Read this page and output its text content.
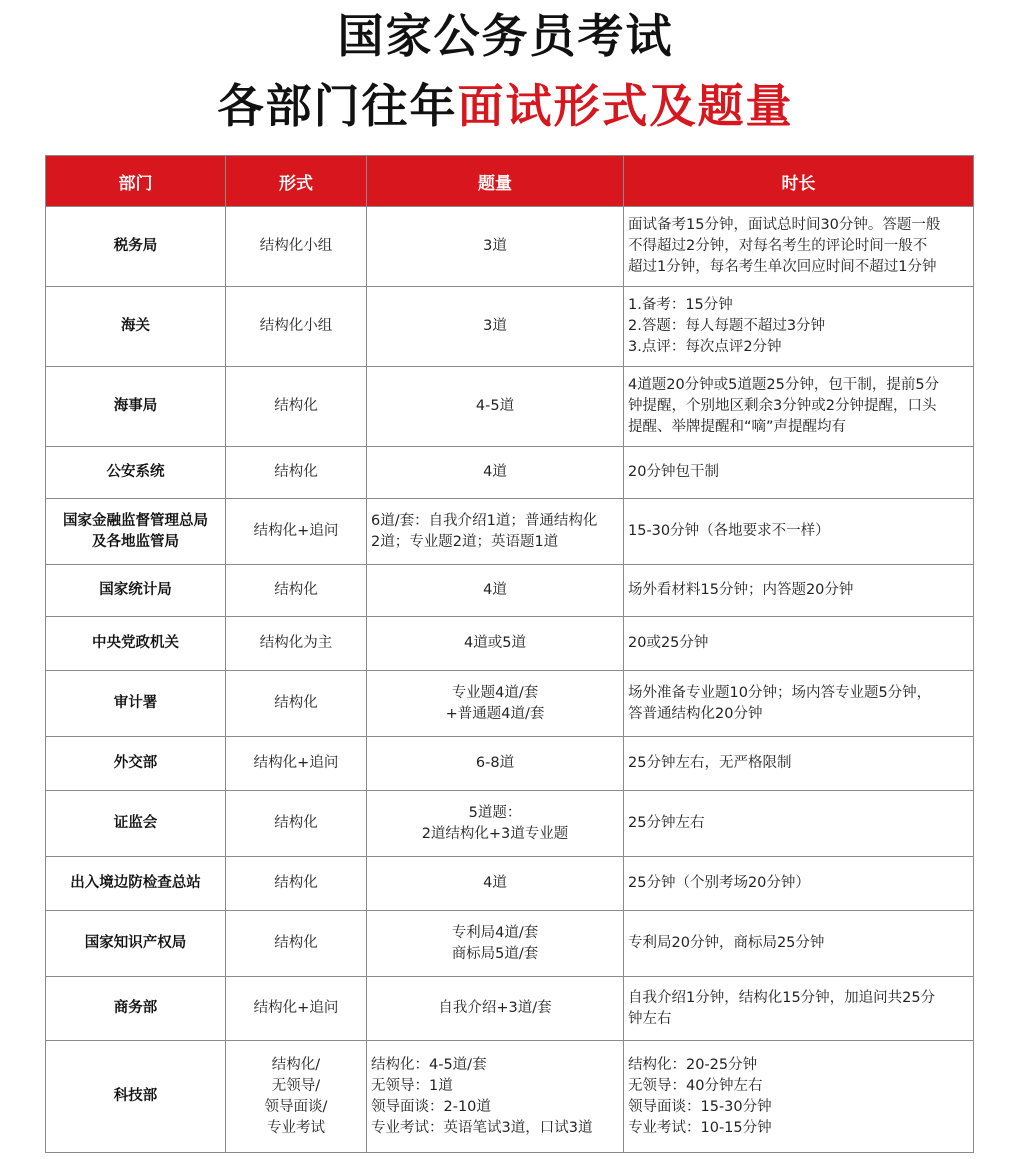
国家公务员考试
各部门往年面试形式及题量
部门	形式	题量	时长

税务局	结构化小组	3道	面试备考15分钟，面试总时间30分钟。答题一般
不得超过2分钟，对每名考生的评论时间一般不
超过1分钟，每名考生单次回应时间不超过1分钟

海关	结构化小组	3道	1.备考：15分钟
2.答题：每人每题不超过3分钟
3.点评：每次点评2分钟

海事局	结构化	4-5道	4道题20分钟或5道题25分钟，包干制，提前5分
钟提醒，个别地区剩余3分钟或2分钟提醒，口头
提醒、举牌提醒和“嘀”声提醒均有

公安系统	结构化	4道	20分钟包干制

国家金融监督管理总局
及各地监管局	结构化+追问	6道/套：自我介绍1道；普通结构化
2道；专业题2道；英语题1道	15-30分钟（各地要求不一样）

国家统计局	结构化	4道	场外看材料15分钟；内答题20分钟

中央党政机关	结构化为主	4道或5道	20或25分钟

审计署	结构化	专业题4道/套
+普通题4道/套	场外准备专业题10分钟；场内答专业题5分钟，
答普通结构化20分钟

外交部	结构化+追问	6-8道	25分钟左右，无严格限制

证监会	结构化	5道题：
2道结构化+3道专业题	25分钟左右

出入境边防检查总站	结构化	4道	25分钟（个别考场20分钟）

国家知识产权局	结构化	专利局4道/套
商标局5道/套	专利局20分钟，商标局25分钟

商务部	结构化+追问	自我介绍+3道/套	自我介绍1分钟，结构化15分钟，加追问共25分
钟左右

科技部	结构化/
无领导/
领导面谈/
专业考试	结构化：4-5道/套
无领导：1道
领导面谈：2-10道
专业考试：英语笔试3道，口试3道	结构化：20-25分钟
无领导：40分钟左右
领导面谈：15-30分钟
专业考试：10-15分钟
